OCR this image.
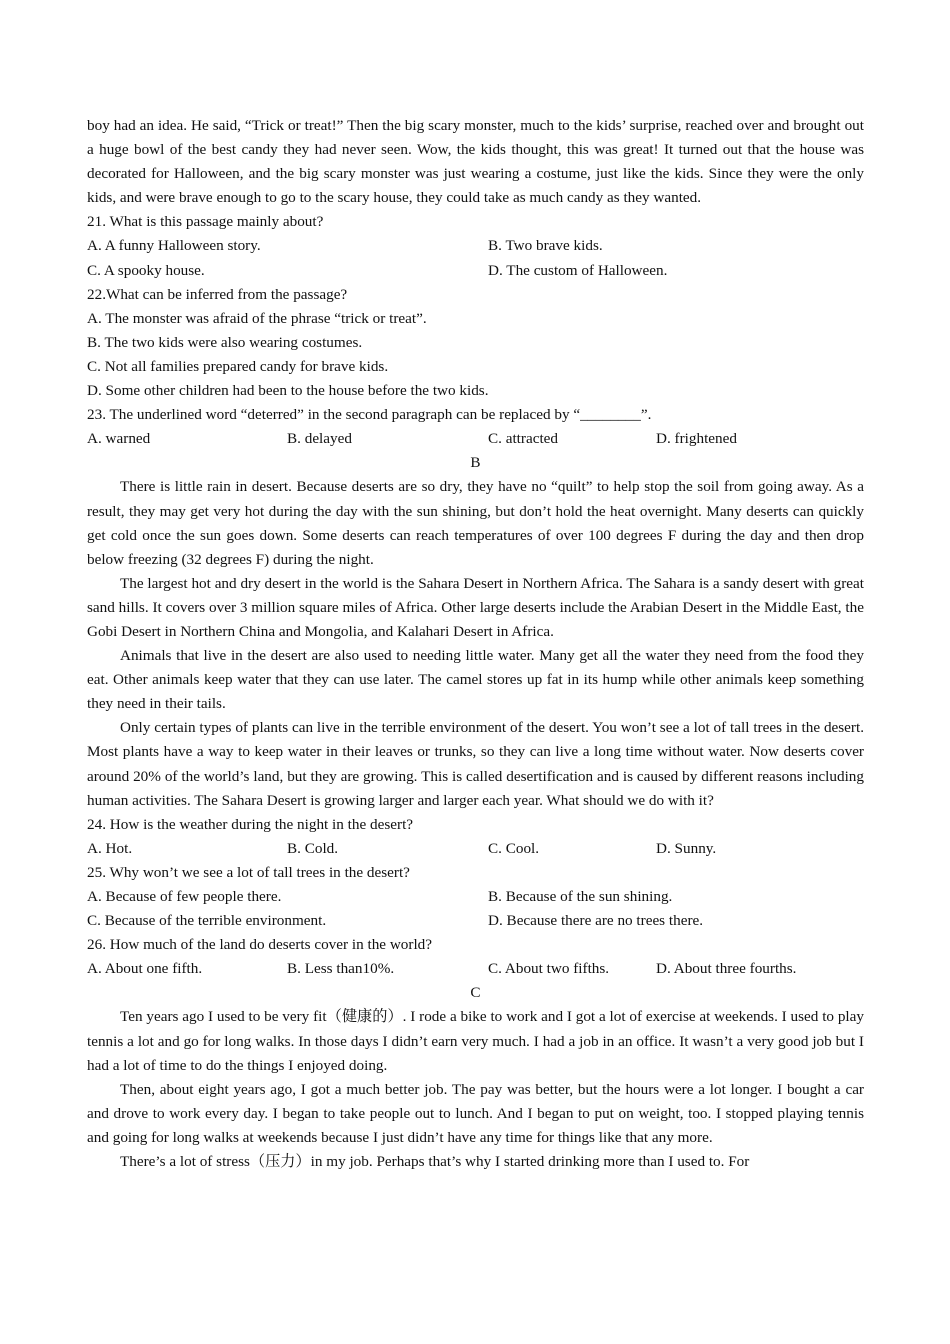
boy had an idea. He said, “Trick or treat!” Then the big scary monster, much to the kids’ surprise, reached over and brought out a huge bowl of the best candy they had never seen. Wow, the kids thought, this was great! It turned out that the house was decorated for Halloween, and the big scary monster was just wearing a costume, just like the kids. Since they were the only kids, and were brave enough to go to the scary house, they could take as much candy as they wanted.

21. What is this passage mainly about?

A. A funny Halloween story.	B. Two brave kids.
C. A spooky house.	D. The custom of Halloween.

22.What can be inferred from the passage?

A. The monster was afraid of the phrase “trick or treat”.

B. The two kids were also wearing costumes.

C. Not all families prepared candy for brave kids.

D. Some other children had been to the house before the two kids.

23. The underlined word “deterred” in the second paragraph can be replaced by “________”.

A. warned	B. delayed	C. attracted	D. frightened

B

There is little rain in desert. Because deserts are so dry, they have no “quilt” to help stop the soil from going away. As a result, they may get very hot during the day with the sun shining, but don’t hold the heat overnight. Many deserts can quickly get cold once the sun goes down. Some deserts can reach temperatures of over 100 degrees F during the day and then drop below freezing (32 degrees F) during the night.

The largest hot and dry desert in the world is the Sahara Desert in Northern Africa. The Sahara is a sandy desert with great sand hills. It covers over 3 million square miles of Africa. Other large deserts include the Arabian Desert in the Middle East, the Gobi Desert in Northern China and Mongolia, and Kalahari Desert in Africa.

Animals that live in the desert are also used to needing little water. Many get all the water they need from the food they eat. Other animals keep water that they can use later. The camel stores up fat in its hump while other animals keep something they need in their tails.

Only certain types of plants can live in the terrible environment of the desert. You won’t see a lot of tall trees in the desert. Most plants have a way to keep water in their leaves or trunks, so they can live a long time without water. Now deserts cover around 20% of the world’s land, but they are growing. This is called desertification and is caused by different reasons including human activities. The Sahara Desert is growing larger and larger each year. What should we do with it?

24. How is the weather during the night in the desert?

A. Hot.	B. Cold.	C. Cool.	D. Sunny.

25. Why won’t we see a lot of tall trees in the desert?

A. Because of few people there.	B. Because of the sun shining.
C. Because of the terrible environment.	D. Because there are no trees there.

26. How much of the land do deserts cover in the world?

A. About one fifth.	B. Less than10%.	C. About two fifths.	D. About three fourths.

C

Ten years ago I used to be very fit（健康的）. I rode a bike to work and I got a lot of exercise at weekends. I used to play tennis a lot and go for long walks. In those days I didn’t earn very much. I had a job in an office. It wasn’t a very good job but I had a lot of time to do the things I enjoyed doing.

Then, about eight years ago, I got a much better job. The pay was better, but the hours were a lot longer. I bought a car and drove to work every day. I began to take people out to lunch. And I began to put on weight, too. I stopped playing tennis and going for long walks at weekends because I just didn’t have any time for things like that any more.

There’s a lot of stress（压力）in my job. Perhaps that’s why I started drinking more than I used to. For
